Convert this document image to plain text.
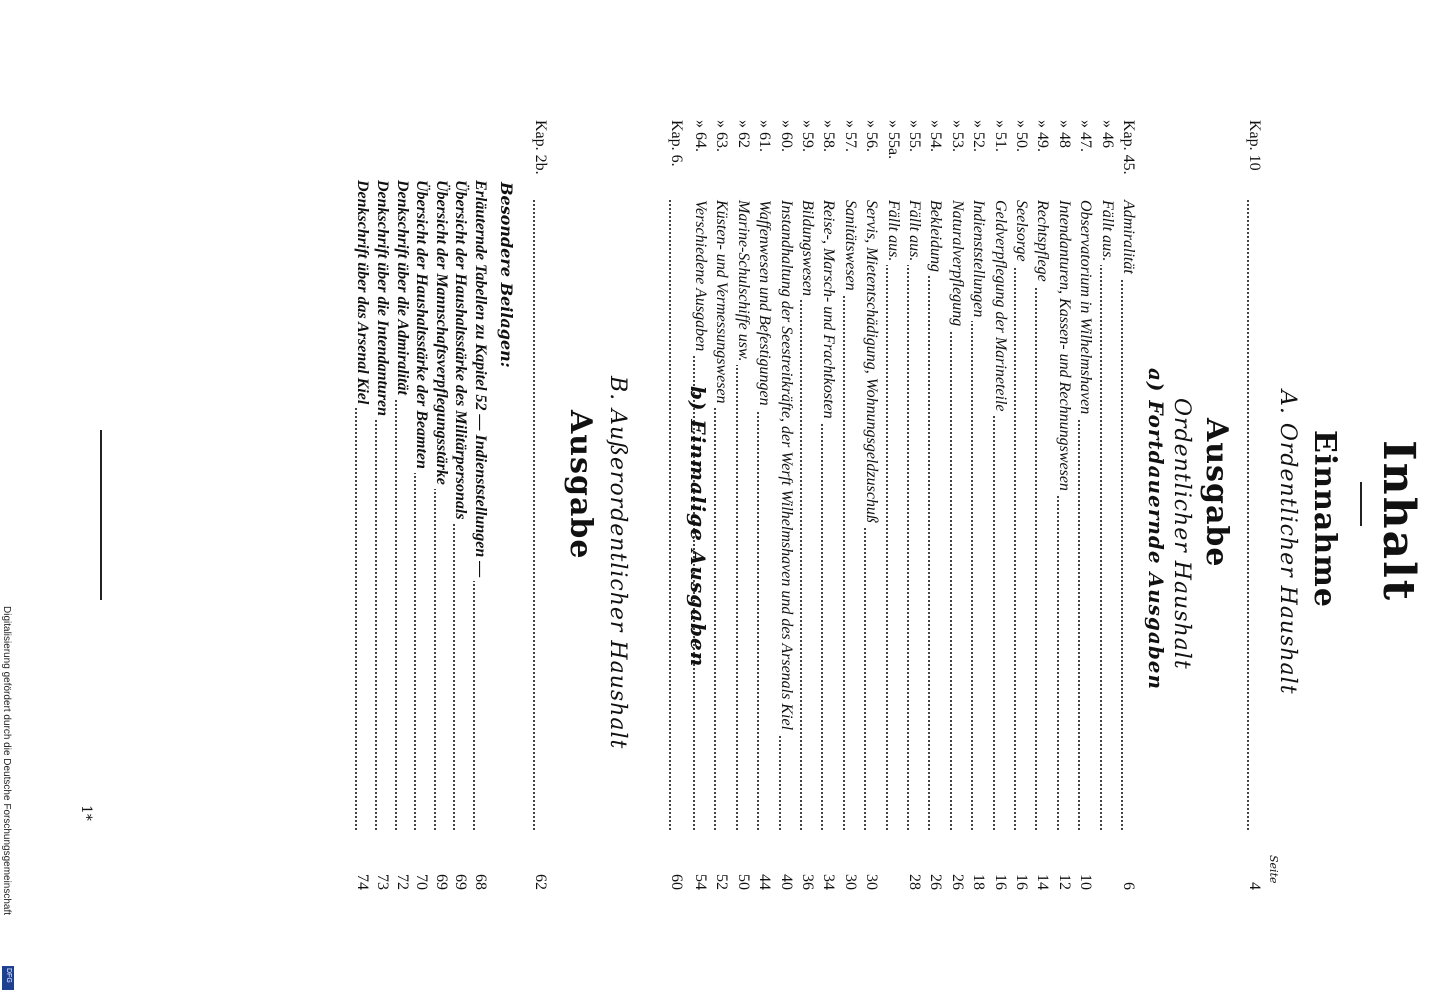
Inhalt
Einnahme
A. Ordentlicher Haushalt
Seite
Kap. 10
4
Ausgabe
Ordentlicher Haushalt
a) Fortdauernde Ausgaben
Kap. 45.
Admiralität
6
» 46
Fällt aus.
» 47.
Observatorium in Wilhelmshaven
10
» 48
Intendanturen, Kassen- und Rechnungswesen
12
» 49.
Rechtspflege
14
» 50.
Seelsorge
16
» 51.
Geldverpflegung der Marineteile
16
» 52.
Indienststellungen
18
» 53.
Naturalverpflegung
26
» 54.
Bekleidung
26
» 55.
Fällt aus.
28
» 55a.
Fällt aus.
» 56.
Servis, Mietentschädigung, Wohnungsgeldzuschuß
30
» 57.
Sanitätswesen
30
» 58.
Reise-, Marsch- und Frachtkosten
34
» 59.
Bildungswesen
36
» 60.
Instandhaltung der Seestreitkräfte, der Werft Wilhelmshaven und des Arsenals Kiel
40
» 61.
Waffenwesen und Befestigungen
44
» 62
Marine-Schulschiffe usw.
50
» 63.
Küsten- und Vermessungswesen
52
» 64.
Verschiedene Ausgaben
54
b) Einmalige Ausgaben
Kap. 6.
60
B. Außerordentlicher Haushalt
Ausgabe
Kap. 2b.
62
Besondere Beilagen:
Erläuternde Tabellen zu Kapitel 52 — Indienststellungen —
68
Übersicht der Haushaltsstärke des Militärpersonals
69
Übersicht der Mannschaftsverpflegungsstärke
69
Übersicht der Haushaltsstärke der Beamten
70
Denkschrift über die Admiralität
72
Denkschrift über die Intendanturen
73
Denkschrift über das Arsenal Kiel
74
1*
Digitalisierung gefördert durch die Deutsche Forschungsgemeinschaft
DFG
